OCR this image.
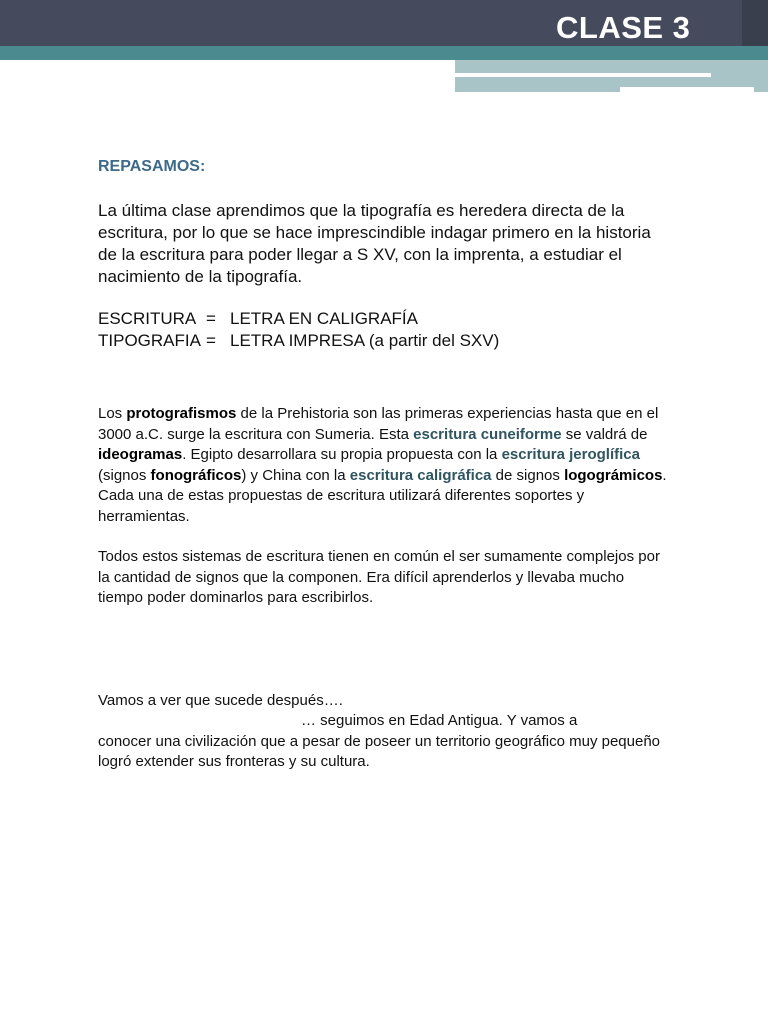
CLASE 3
REPASAMOS:

La última clase aprendimos que la tipografía es heredera directa de la escritura, por lo que se hace imprescindible indagar primero en la historia de la escritura para poder llegar a S XV, con la imprenta, a estudiar el nacimiento de la tipografía.

ESCRITURA = LETRA EN CALIGRAFÍA
TIPOGRAFIA = LETRA IMPRESA (a partir del SXV)

Los protografismos de la Prehistoria son las primeras experiencias hasta que en el 3000 a.C. surge la escritura con Sumeria. Esta escritura cuneiforme se valdrá de ideogramas. Egipto desarrollara su propia propuesta con la escritura jeroglífica (signos fonográficos) y China con la escritura caligráfica de signos logográmicos. Cada una de estas propuestas de escritura utilizará diferentes soportes y herramientas.

Todos estos sistemas de escritura tienen en común el ser sumamente complejos por la cantidad de signos que la componen. Era difícil aprenderlos y llevaba mucho tiempo poder dominarlos para escribirlos.

Vamos a ver que sucede después….
… seguimos en Edad Antigua. Y vamos a
conocer una civilización que a pesar de poseer un territorio geográfico muy pequeño logró extender sus fronteras y su cultura.
